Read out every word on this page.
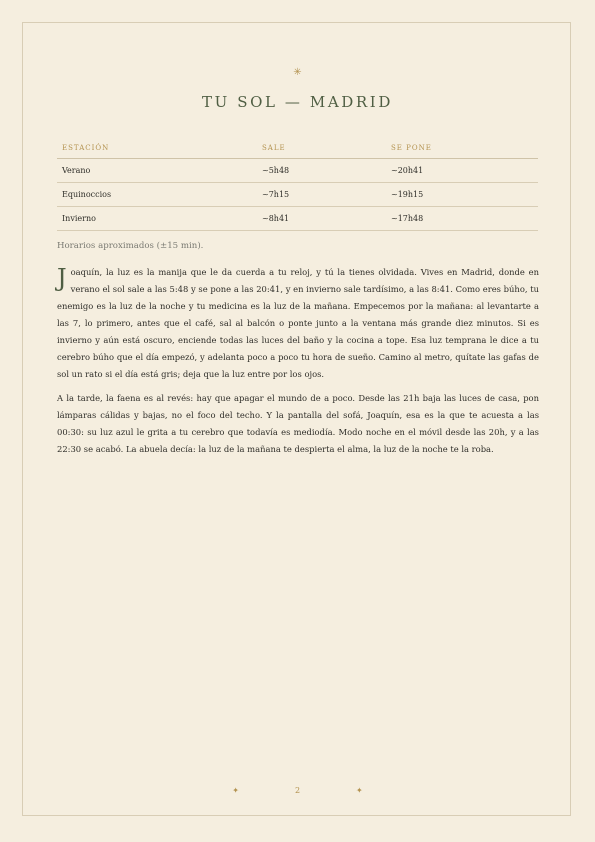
✳
TU SOL — MADRID
ESTACIÓN	SALE	SE PONE
Verano	~5h48	~20h41
Equinoccios	~7h15	~19h15
Invierno	~8h41	~17h48

Horarios aproximados (±15 min).

Joaquín, la luz es la manija que le da cuerda a tu reloj, y tú la tienes olvidada. Vives en Madrid, donde en verano el sol sale a las 5:48 y se pone a las 20:41, y en invierno sale tardísimo, a las 8:41. Como eres búho, tu enemigo es la luz de la noche y tu medicina es la luz de la mañana. Empecemos por la mañana: al levantarte a las 7, lo primero, antes que el café, sal al balcón o ponte junto a la ventana más grande diez minutos. Si es invierno y aún está oscuro, enciende todas las luces del baño y la cocina a tope. Esa luz temprana le dice a tu cerebro búho que el día empezó, y adelanta poco a poco tu hora de sueño. Camino al metro, quítate las gafas de sol un rato si el día está gris; deja que la luz entre por los ojos.

A la tarde, la faena es al revés: hay que apagar el mundo de a poco. Desde las 21h baja las luces de casa, pon lámparas cálidas y bajas, no el foco del techo. Y la pantalla del sofá, Joaquín, esa es la que te acuesta a las 00:30: su luz azul le grita a tu cerebro que todavía es mediodía. Modo noche en el móvil desde las 20h, y a las 22:30 se acabó. La abuela decía: la luz de la mañana te despierta el alma, la luz de la noche te la roba.

✦	2	✦
